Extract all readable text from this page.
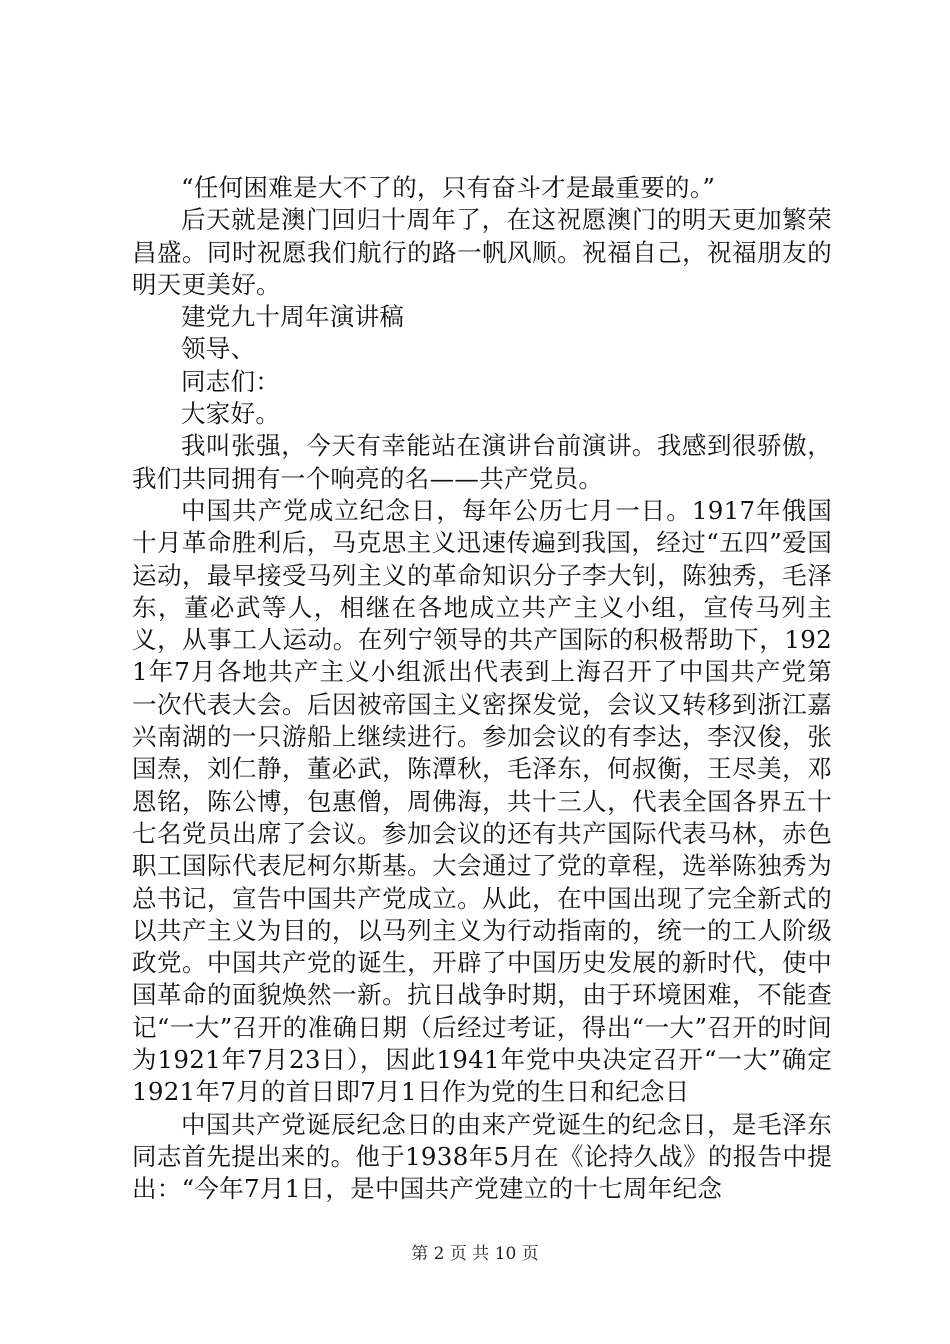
“任何困难是大不了的，只有奋斗才是最重要的。”

后天就是澳门回归十周年了，在这祝愿澳门的明天更加繁荣昌盛。同时祝愿我们航行的路一帆风顺。祝福自己，祝福朋友的明天更美好。

建党九十周年演讲稿

领导、

同志们：

大家好。

我叫张强，今天有幸能站在演讲台前演讲。我感到很骄傲，我们共同拥有一个响亮的名——共产党员。

中国共产党成立纪念日，每年公历七月一日。1917年俄国十月革命胜利后，马克思主义迅速传遍到我国，经过“五四”爱国运动，最早接受马列主义的革命知识分子李大钊，陈独秀，毛泽东，董必武等人，相继在各地成立共产主义小组，宣传马列主义，从事工人运动。在列宁领导的共产国际的积极帮助下，1921年7月各地共产主义小组派出代表到上海召开了中国共产党第一次代表大会。后因被帝国主义密探发觉，会议又转移到浙江嘉兴南湖的一只游船上继续进行。参加会议的有李达，李汉俊，张国焘，刘仁静，董必武，陈潭秋，毛泽东，何叔衡，王尽美，邓恩铭，陈公博，包惠僧，周佛海，共十三人，代表全国各界五十七名党员出席了会议。参加会议的还有共产国际代表马林，赤色职工国际代表尼柯尔斯基。大会通过了党的章程，选举陈独秀为总书记，宣告中国共产党成立。从此，在中国出现了完全新式的以共产主义为目的，以马列主义为行动指南的，统一的工人阶级政党。中国共产党的诞生，开辟了中国历史发展的新时代，使中国革命的面貌焕然一新。抗日战争时期，由于环境困难，不能查记“一大”召开的准确日期（后经过考证，得出“一大”召开的时间为1921年7月23日），因此1941年党中央决定召开“一大”确定1921年7月的首日即7月1日作为党的生日和纪念日

中国共产党诞辰纪念日的由来产党诞生的纪念日，是毛泽东同志首先提出来的。他于1938年5月在《论持久战》的报告中提出：“今年7月1日，是中国共产党建立的十七周年纪念

第 2 页 共 10 页
